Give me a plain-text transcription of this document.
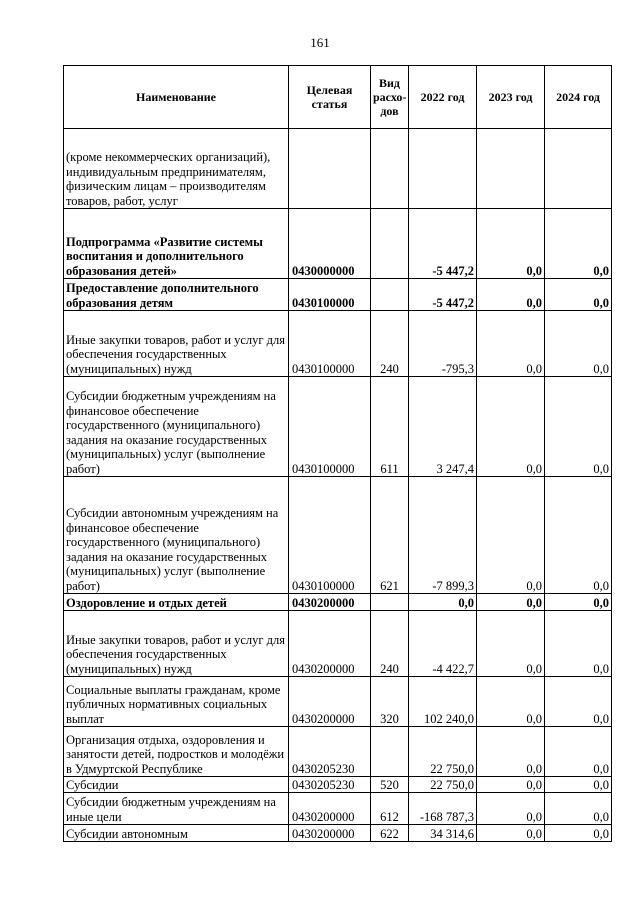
161
Наименование	Целевая статья	Вид расхо-дов	2022 год	2023 год	2024 год
(кроме некоммерческих организаций), индивидуальным предпринимателям, физическим лицам – производителям товаров, работ, услуг					
Подпрограмма «Развитие системы воспитания и дополнительного образования детей»	0430000000		-5 447,2	0,0	0,0
Предоставление дополнительного образования детям	0430100000		-5 447,2	0,0	0,0
Иные закупки товаров, работ и услуг для обеспечения государственных (муниципальных) нужд	0430100000	240	-795,3	0,0	0,0
Субсидии бюджетным учреждениям на финансовое обеспечение государственного (муниципального) задания на оказание государственных (муниципальных) услуг (выполнение работ)	0430100000	611	3 247,4	0,0	0,0
Субсидии автономным учреждениям на финансовое обеспечение государственного (муниципального) задания на оказание государственных (муниципальных) услуг (выполнение работ)	0430100000	621	-7 899,3	0,0	0,0
Оздоровление и отдых детей	0430200000		0,0	0,0	0,0
Иные закупки товаров, работ и услуг для обеспечения государственных (муниципальных) нужд	0430200000	240	-4 422,7	0,0	0,0
Социальные выплаты гражданам, кроме публичных нормативных социальных выплат	0430200000	320	102 240,0	0,0	0,0
Организация отдыха, оздоровления и занятости детей, подростков и молодёжи в Удмуртской Республике	0430205230		22 750,0	0,0	0,0
Субсидии	0430205230	520	22 750,0	0,0	0,0
Субсидии бюджетным учреждениям на иные цели	0430200000	612	-168 787,3	0,0	0,0
Субсидии автономным	0430200000	622	34 314,6	0,0	0,0
